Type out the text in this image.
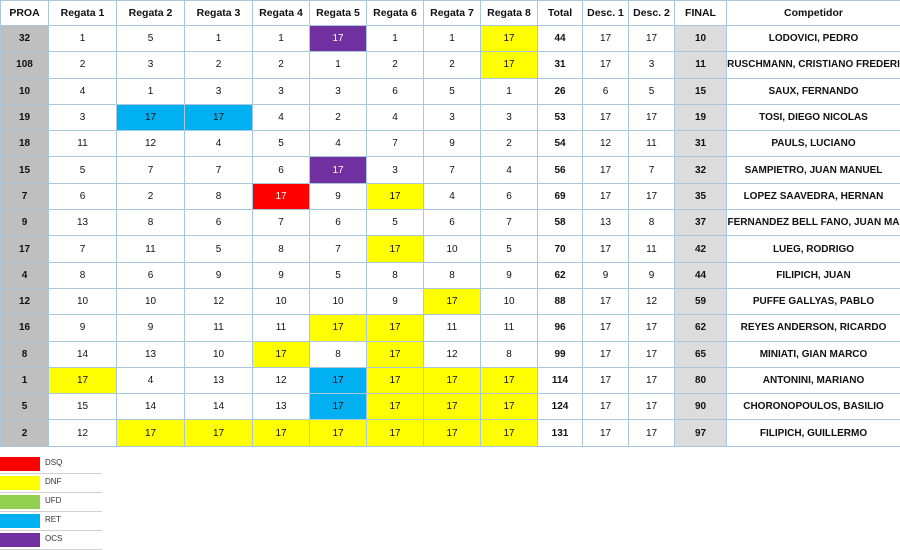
PROA	Regata 1	Regata 2	Regata 3	Regata 4	Regata 5	Regata 6	Regata 7	Regata 8	Total	Desc. 1	Desc. 2	FINAL	Competidor
32	1	5	1	1	17	1	1	17	44	17	17	10	LODOVICI, PEDRO
108	2	3	2	2	1	2	2	17	31	17	3	11	RUSCHMANN, CRISTIANO FREDERI
10	4	1	3	3	3	6	5	1	26	6	5	15	SAUX, FERNANDO
19	3	17	17	4	2	4	3	3	53	17	17	19	TOSI, DIEGO NICOLAS
18	11	12	4	5	4	7	9	2	54	12	11	31	PAULS, LUCIANO
15	5	7	7	6	17	3	7	4	56	17	7	32	SAMPIETRO, JUAN MANUEL
7	6	2	8	17	9	17	4	6	69	17	17	35	LOPEZ SAAVEDRA, HERNAN
9	13	8	6	7	6	5	6	7	58	13	8	37	FERNANDEZ BELL FANO, JUAN MA
17	7	11	5	8	7	17	10	5	70	17	11	42	LUEG, RODRIGO
4	8	6	9	9	5	8	8	9	62	9	9	44	FILIPICH, JUAN
12	10	10	12	10	10	9	17	10	88	17	12	59	PUFFE GALLYAS, PABLO
16	9	9	11	11	17	17	11	11	96	17	17	62	REYES ANDERSON, RICARDO
8	14	13	10	17	8	17	12	8	99	17	17	65	MINIATI, GIAN MARCO
1	17	4	13	12	17	17	17	17	114	17	17	80	ANTONINI, MARIANO
5	15	14	14	13	17	17	17	17	124	17	17	90	CHORONOPOULOS, BASILIO
2	12	17	17	17	17	17	17	17	131	17	17	97	FILIPICH, GUILLERMO
DSQ
DNF
UFD
RET
OCS
